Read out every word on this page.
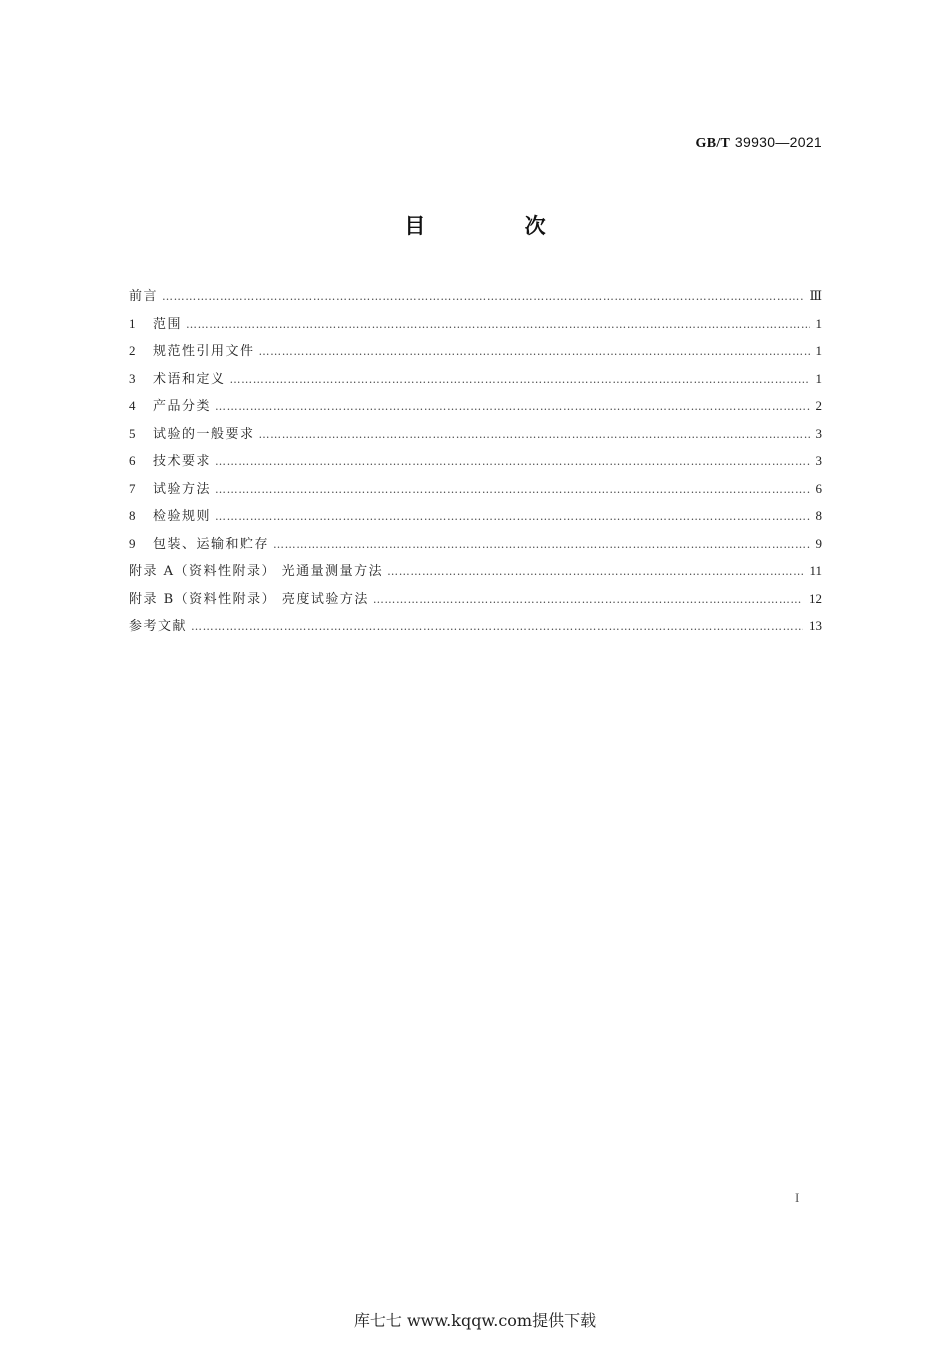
GB/T 39930—2021
目 次
前言 …………………………………………………………………………………………………………………………………………………………………………………………………………………………………	Ⅲ
1	范围 …………………………………………………………………………………………………………………………………………………………………………………………………………………………………	1
2	规范性引用文件 …………………………………………………………………………………………………………………………………………………………………………………………………………………………………	1
3	术语和定义 …………………………………………………………………………………………………………………………………………………………………………………………………………………………………	1
4	产品分类 …………………………………………………………………………………………………………………………………………………………………………………………………………………………………	2
5	试验的一般要求 …………………………………………………………………………………………………………………………………………………………………………………………………………………………………	3
6	技术要求 …………………………………………………………………………………………………………………………………………………………………………………………………………………………………	3
7	试验方法 …………………………………………………………………………………………………………………………………………………………………………………………………………………………………	6
8	检验规则 …………………………………………………………………………………………………………………………………………………………………………………………………………………………………	8
9	包装、运输和贮存 …………………………………………………………………………………………………………………………………………………………………………………………………………………………………	9
附录 A（资料性附录） 光通量测量方法 …………………………………………………………………………………………………………………………………………………………………………………………………………………………………	11
附录 B（资料性附录） 亮度试验方法 …………………………………………………………………………………………………………………………………………………………………………………………………………………………………	12
参考文献 …………………………………………………………………………………………………………………………………………………………………………………………………………………………………	13
I
库七七 www.kqqw.com提供下载
